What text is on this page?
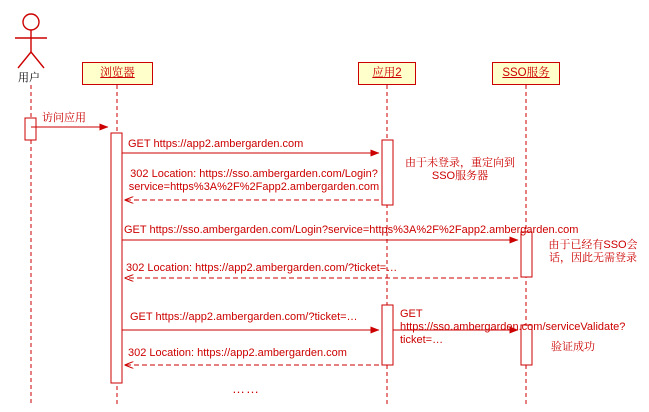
用户	浏览器	应用2	SSO服务
访问应用
GET https://app2.ambergarden.com
302 Location: https://sso.ambergarden.com/Login?service=https%3A%2F%2Fapp2.ambergarden.com
GET https://sso.ambergarden.com/Login?service=https%3A%2F%2Fapp2.ambergarden.com
302 Location: https://app2.ambergarden.com/?ticket=…
GET https://app2.ambergarden.com/?ticket=…	GET https://sso.ambergarden.com/serviceValidate?ticket=…
302 Location: https://app2.ambergarden.com
由于未登录，重定向到SSO服务器
由于已经有SSO会话，因此无需登录
验证成功
……
